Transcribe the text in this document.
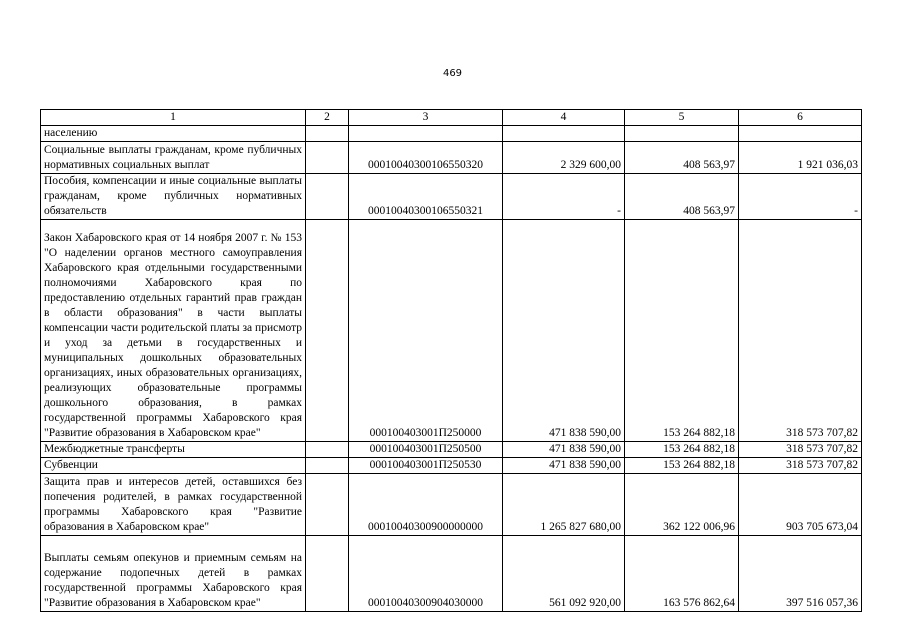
469
1	2	3	4	5	6
населению					
Социальные выплаты гражданам, кроме публичных нормативных социальных выплат		00010040300106550320	2 329 600,00	408 563,97	1 921 036,03
Пособия, компенсации и иные социальные выплаты гражданам, кроме публичных нормативных обязательств		00010040300106550321	-	408 563,97	-
Закон Хабаровского края от 14 ноября 2007 г. № 153 "О наделении органов местного самоуправления Хабаровского края отдельными государственными полномочиями Хабаровского края по предоставлению отдельных гарантий прав граждан в области образования" в части выплаты компенсации части родительской платы за присмотр и уход за детьми в государственных и муниципальных дошкольных образовательных организациях, иных образовательных организациях, реализующих образовательные программы дошкольного образования, в рамках государственной программы Хабаровского края "Развитие образования в Хабаровском крае"		000100403001П250000	471 838 590,00	153 264 882,18	318 573 707,82
Межбюджетные трансферты		000100403001П250500	471 838 590,00	153 264 882,18	318 573 707,82
Субвенции		000100403001П250530	471 838 590,00	153 264 882,18	318 573 707,82
Защита прав и интересов детей, оставшихся без попечения родителей, в рамках государственной программы Хабаровского края "Развитие образования в Хабаровском крае"		00010040300900000000	1 265 827 680,00	362 122 006,96	903 705 673,04
Выплаты семьям опекунов и приемным семьям на содержание подопечных детей в рамках государственной программы Хабаровского края "Развитие образования в Хабаровском крае"		00010040300904030000	561 092 920,00	163 576 862,64	397 516 057,36
